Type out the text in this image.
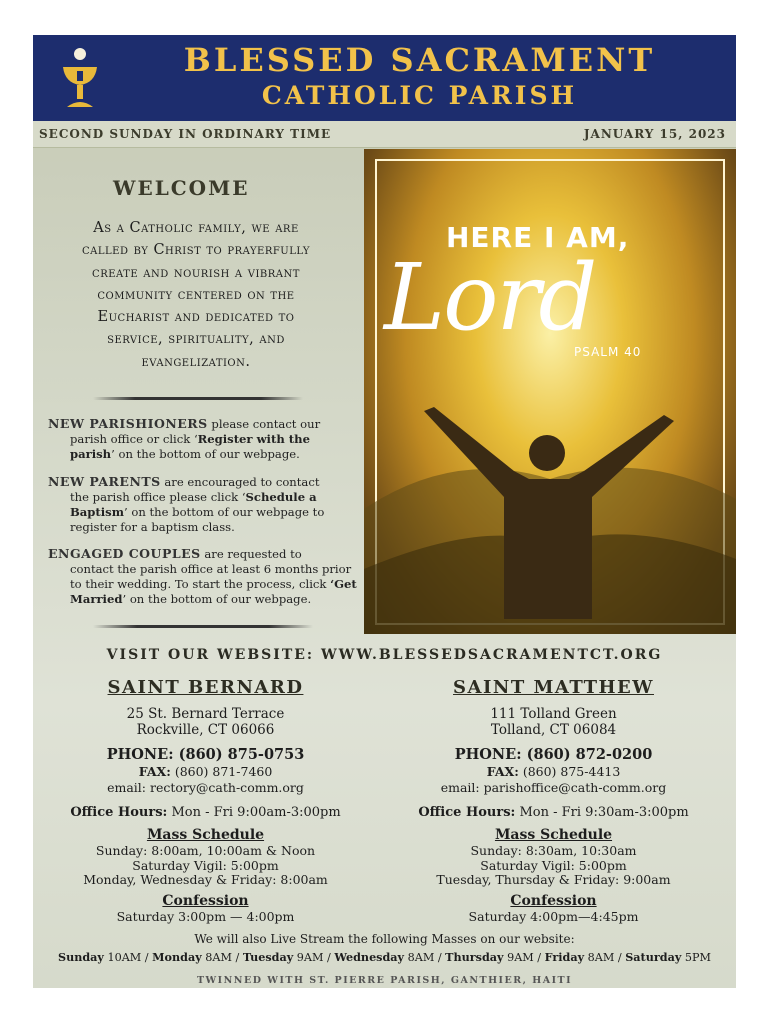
BLESSED SACRAMENT
CATHOLIC PARISH
SECOND SUNDAY IN ORDINARY TIME	JANUARY 15, 2023
WELCOME
As a Catholic family, we are
called by Christ to prayerfully
create and nourish a vibrant
community centered on the
Eucharist and dedicated to
service, spirituality, and
evangelization.
NEW PARISHIONERS please contact our
parish office or click ‘Register with the parish’ on the bottom of our webpage.
NEW PARENTS are encouraged to contact
the parish office please click ‘Schedule a Baptism’ on the bottom of our webpage to register for a baptism class.
ENGAGED COUPLES are requested to
contact the parish office at least 6 months prior to their wedding. To start the process, click ‘Get Married’ on the bottom of our webpage.
HERE I AM,
Lord
PSALM 40
VISIT OUR WEBSITE: WWW.BLESSEDSACRAMENTCT.ORG
SAINT BERNARD
25 St. Bernard Terrace
Rockville, CT 06066
PHONE: (860) 875-0753
FAX: (860) 871-7460
email: rectory@cath-comm.org
Office Hours: Mon - Fri 9:00am-3:00pm
Mass Schedule
Sunday: 8:00am, 10:00am & Noon
Saturday Vigil: 5:00pm
Monday, Wednesday & Friday: 8:00am
Confession
Saturday 3:00pm — 4:00pm
SAINT MATTHEW
111 Tolland Green
Tolland, CT 06084
PHONE: (860) 872-0200
FAX: (860) 875-4413
email: parishoffice@cath-comm.org
Office Hours: Mon - Fri 9:30am-3:00pm
Mass Schedule
Sunday: 8:30am, 10:30am
Saturday Vigil: 5:00pm
Tuesday, Thursday & Friday: 9:00am
Confession
Saturday 4:00pm—4:45pm
We will also Live Stream the following Masses on our website:
Sunday 10AM / Monday 8AM / Tuesday 9AM / Wednesday 8AM / Thursday 9AM / Friday 8AM / Saturday 5PM
TWINNED WITH ST. PIERRE PARISH, GANTHIER, HAITI
